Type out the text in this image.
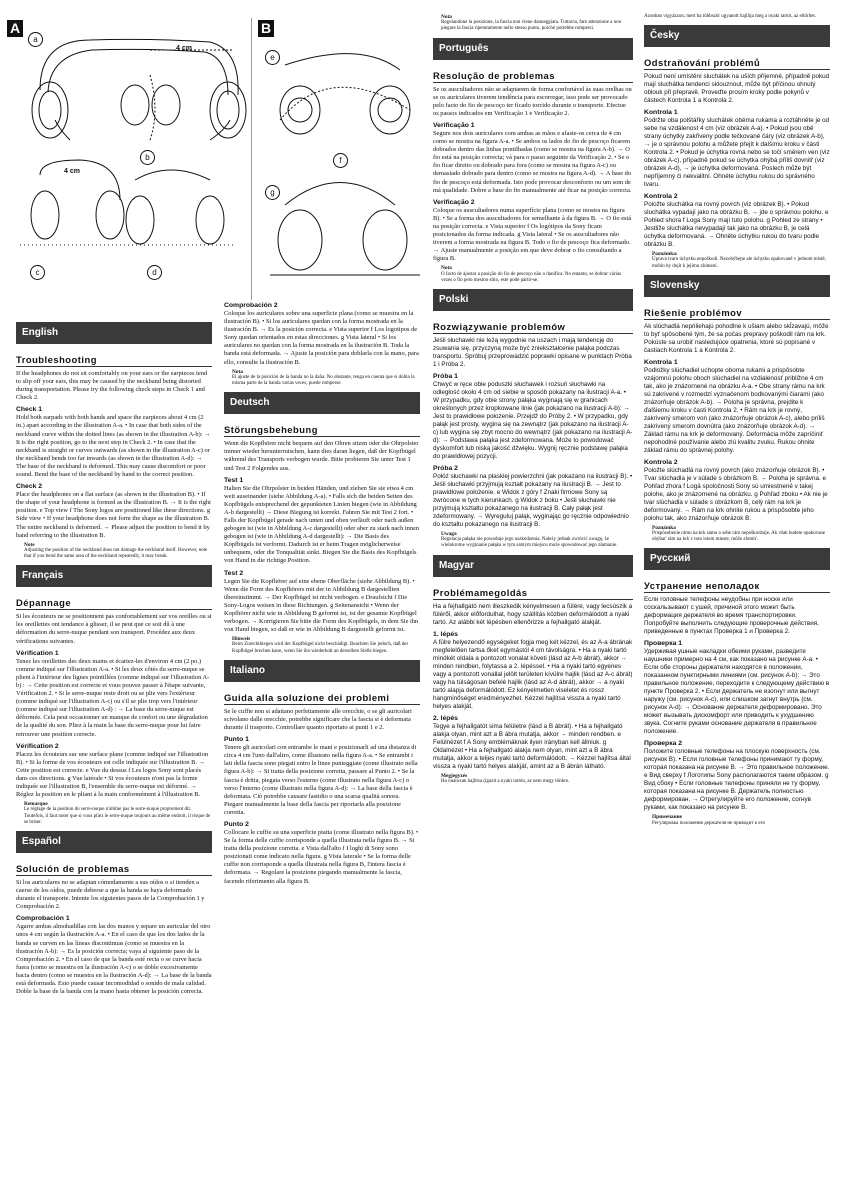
A	B
4 cm
4 cm
a
b
c	d
e
f
g
English
Troubleshooting
If the headphones do not sit comfortably on your ears or the earpieces tend to slip off your ears, this may be caused by the neckband being distorted during transportation. Please try the following check steps in Check 1 and Check 2.
Check 1
Hold both earpads with both hands and space the earpieces about 4 cm (2 in.) apart according to the illustration A-a. • In case that both sides of the neckband curve within the dotted lines (as shown in the illustration A-b): → It is the right position, go to the next step in Check 2. • In case that the neckband is straight or curves outwards (as shown in the illustration A-c) or the neckband bends too far inwards (as shown in the illustration A-d): → The base of the neckband is deformed. This may cause discomfort or poor sound. Bend the base of the neckband by hand to the correct position.
Check 2
Place the headphones on a flat surface (as shown in the illustration B). • If the shape of your headphone is formed as the illustration B. → It is the right position. e Top view f The Sony logos are positioned like these directions. g Side view • If your headphone does not form the shape as the illustration B. The entire neckband is deformed. → Please adjust the position to bend it by hand referring to the illustration B.
Note
Adjusting the position of the neckband does not damage the neckband itself. However, note that if you bend the same area of the neckband repeatedly, it may break.
Français
Dépannage
Si les écouteurs ne se positionnent pas confortablement sur vos oreilles ou si les oreillettes ont tendance à glisser, il se peut que ce soit dû à une déformation du serre-nuque pendant son transport. Procédez aux deux vérifications suivantes.
Vérification 1
Tenez les oreillettes des deux mains et écartez-les d'environ 4 cm (2 po.) comme indiqué sur l'illustration A-a. • Si les deux côtés du serre-nuque se plient à l'intérieur des lignes pointillées (comme indiqué sur l'illustration A-b) : → Cette position est correcte et vous pouvez passer à l'étape suivante, Vérification 2. • Si le serre-nuque reste droit ou se plie vers l'extérieur (comme indiqué sur l'illustration A-c) ou s'il se plie trop vers l'intérieur (comme indiqué sur l'illustration A-d) : → La base du serre-nuque est déformée. Cela peut occasionner un manque de confort ou une dégradation de la qualité du son. Pliez à la main la base du serre-nuque pour lui faire retrouver une position correcte.
Vérification 2
Placez les écouteurs sur une surface plane (comme indiqué sur l'illustration B). • Si la forme de vos écouteurs est celle indiquée sur l'illustration B. → Cette position est correcte. e Vue du dessus f Les logos Sony sont placés dans ces directions. g Vue latérale • Si vos écouteurs n'ont pas la forme indiquée sur l'illustration B, l'ensemble du serre-nuque est déformé. → Réglez la position en le pliant à la main conformément à l'illustration B.
Remarque
Le réglage de la position du serre-nuque n'abîme pas le serre-nuque proprement dit. Toutefois, il faut noter que si vous pliez le serre-nuque toujours au même endroit, il risque de se briser.
Español
Solución de problemas
Si los auriculares no se adaptan cómodamente a sus oídos o si tienden a caerse de los oídos, puede deberse a que la banda se haya deformado durante el transporte. Intente los siguientes pasos de la Comprobación 1 y Comprobación 2.
Comprobación 1
Agarre ambas almohadillas con las dos manos y separe un auricular del otro unos 4 cm según la ilustración A-a. • En el caso de que los dos lados de la banda se curven en las líneas discontinuas (como se muestra en la ilustración A-b): → Es la posición correcta; vaya al siguiente paso de la Comprobación 2. • En el caso de que la banda esté recta o se curve hacia fuera (como se muestra en la ilustración A-c) o se doble excesivamente hacia dentro (como se muestra en la ilustración A-d): → La base de la banda está deformada. Esto puede causar incomodidad o sonido de mala calidad. Doble la base de la banda con la mano hasta obtener la posición correcta.
Comprobación 2
Coloque los auriculares sobre una superficie plana (como se muestra en la ilustración B). • Si los auriculares quedan con la forma mostrada en la ilustración B. → Es la posición correcta. e Vista superior f Los logotipos de Sony quedan orientados en estas direcciones. g Vista lateral • Si los auriculares no quedan con la forma mostrada en la ilustración B. Toda la banda está deformada. → Ajuste la posición para doblarla con la mano, para ello, consulte la ilustración B.
Nota
El ajuste de la posición de la banda no la daña. No obstante, tenga en cuenta que si dobla la misma parte de la banda varias veces, puede romperse.
Deutsch
Störungsbehebung
Wenn die Kopfhörer nicht bequem auf den Ohren sitzen oder die Ohrpolster immer wieder herunterrutschen, kann dies daran liegen, daß der Kopfbügel während des Transports verbogen wurde. Bitte probieren Sie unter Test 1 und Test 2 Folgendes aus.
Test 1
Halten Sie die Ohrpolster in beiden Händen, und ziehen Sie sie etwa 4 cm weit auseinander (siehe Abbildung A-a). • Falls sich die beiden Seiten des Kopfbügels entsprechend der gepunkteten Linien biegen (wie in Abbildung A-b dargestellt) → Diese Biegung ist korrekt. Fahren Sie mit Test 2 fort. • Falls der Kopfbügel gerade nach unten und oben verläuft oder nach außen gebogen ist (wie in Abbildung A-c dargestellt) oder aber zu stark nach innen gebogen ist (wie in Abbildung A-d dargestellt): → Die Basis des Kopfbügels ist verformt. Dadurch ist er beim Tragen möglicherweise unbequem, oder die Tonqualität sinkt. Biegen Sie die Basis des Kopfbügels von Hand in die richtige Position.
Test 2
Legen Sie die Kopfhörer auf eine ebene Oberfläche (siehe Abbildung B). • Wenn die Form des Kopfhörers mit der in Abbildung B dargestellten übereinstimmt. → Der Kopfbügel ist nicht verbogen. e Draufsicht f Die Sony-Logos weisen in diese Richtungen. g Seitenansicht • Wenn der Kopfhörer nicht wie in Abbildung B geformt ist, ist der gesamte Kopfbügel verbogen. → Korrigieren Sie bitte die Form des Kopfbügels, in dem Sie ihn von Hand biegen, so daß er wie in Abbildung B dargestellt geformt ist.
Hinweis
Beim Zurechtbiegen wird der Kopfbügel nicht beschädigt. Beachten Sie jedoch, daß der Kopfbügel brechen kann, wenn Sie ihn wiederholt an derselben Stelle biegen.
Italiano
Guida alla soluzione dei problemi
Se le cuffie non si adattano perfettamente alle orecchie, o se gli auricolari scivolano dalle orecchie, potrebbe significare che la fascia si è deformata durante il trasporto. Controllare quanto riportato ai punti 1 e 2.
Punto 1
Tenere gli auricolari con entrambe le mani e posizionarli ad una distanza di circa 4 cm l'uno dall'altro, come illustrato nella figura A-a. • Se entrambi i lati della fascia sono piegati entro le linee punteggiate (come illustrato nella figura A-b): → Si tratta della posizione corretta, passare al Punto 2. • Se la fascia è dritta, piegata verso l'esterno (come illustrato nella figura A-c) o verso l'interno (come illustrato nella figura A-d): → La base della fascia è deformata. Ciò potrebbe causare fastidio o una scarsa qualità sonora. Piegare manualmente la base della fascia per riportarla alla posizione corretta.
Punto 2
Collocare le cuffie su una superficie piatta (come illustrato nella figura B). • Se la forma delle cuffie corrisponde a quella illustrata nella figura B. → Si tratta della posizione corretta. e Vista dall'alto f I loghi di Sony sono posizionati come indicato nella figura. g Vista laterale • Se la forma delle cuffie non corrisponde a quella illustrata nella figura B, l'intera fascia è deformata. → Regolare la posizione piegando manualmente la fascia, facendo riferimento alla figura B.
Nota
Regolandone la posizione, la fascia non viene danneggiata. Tuttavia, fare attenzione a non piegare la fascia ripetutamente nello stesso punto, poiché potrebbe rompersi.
Português
Resolução de problemas
Se os auscultadores não se adaptarem de forma confortável às suas orelhas ou se os auriculares tiverem tendência para escorregar, isso pode ser provocado pelo facto do fio de pescoço ter ficado torcido durante o transporte. Efectue os passos indicados em Verificação 1 e Verificação 2.
Verificação 1
Segure nos dois auriculares com ambas as mãos e afaste-os cerca de 4 cm como se mostra na figura A-a. • Se ambos os lados do fio de pescoço ficarem dobrados dentro das linhas pontilhadas (como se mostra na figura A-b). → O fio está na posição correcta; vá para o passo seguinte da Verificação 2. • Se o fio ficar direito ou dobrado para fora (como se mostra na figura A-c) ou demasiado dobrado para dentro (como se mostra na figura A-d). → A base do fio de pescoço está deformada. Isto pode provocar desconforto ou um som de má qualidade. Dobre a base do fio manualmente até ficar na posição correcta.
Verificação 2
Coloque os auscultadores numa superfície plana (como se mostra na figura B). • Se a forma dos auscultadores for semelhante à da figura B. → O fio está na posição correcta. e Vista superior f Os logótipos da Sony ficam posicionados da forma indicada. g Vista lateral • Se os auscultadores não tiverem a forma mostrada na figura B. Todo o fio de pescoço fica deformado. → Ajuste manualmente a posição em que deve dobrar o fio consultando a figura B.
Nota
O facto de ajustar a posição do fio de pescoço não o danifica. No entanto, se dobrar várias vezes o fio pelo mesmo sítio, este pode partir-se.
Polski
Rozwiązywanie problemów
Jeśli słuchawki nie leżą wygodnie na uszach i mają tendencję do zsuwania się, przyczyną może być zniekształcenie pałąka podczas transportu. Spróbuj przeprowadzić poprawki opisane w punktach Próba 1 i Próba 2.
Próba 1
Chwyć w ręce obie poduszki słuchawek i rozsuń słuchawki na odległość około 4 cm od siebie w sposób pokazany na ilustracji A-a. • W przypadku, gdy obie strony pałąka wyginają się w granicach określonych przez kropkowane linie (jak pokazano na ilustracji A-b): → Jest to prawidłowe położenie. Przejdź do Próby 2. • W przypadku, gdy pałąk jest prosty, wygina się na zewnątrz (jak pokazano na ilustracji A-c) lub wygina się zbyt mocno do wewnątrz (jak pokazano na ilustracji A-d): → Podstawa pałąka jest zdeformowana. Może to powodować dyskomfort lub niską jakość dźwięku. Wygnij ręcznie podstawę pałąka do prawidłowej pozycji.
Próba 2
Połóż słuchawki na płaskiej powierzchni (jak pokazano na ilustracji B). • Jeśli słuchawki przyjmują kształt pokazany na ilustracji B. → Jest to prawidłowe położenie. e Widok z góry f Znaki firmowe Sony są zwrócone w tych kierunkach. g Widok z boku • Jeśli słuchawki nie przyjmują kształtu pokazanego na ilustracji B. Cały pałąk jest zdeformowany. → Wyreguluj pałąk, wyginając go ręcznie odpowiednio do kształtu pokazanego na ilustracji B.
Uwaga
Regulacja pałąka nie powoduje jego uszkodzenia. Należy jednak zwrócić uwagę, że wielokrotne wyginanie pałąka w tym samym miejscu może spowodować jego złamanie.
Magyar
Problémamegoldás
Ha a fejhallgató nem illeszkedik kényelmesen a fülére, vagy lecsúszik a füléről, akkor előfordulhat, hogy szállítás közben deformálódott a nyaki tartó. Az alábbi két lépésben ellenőrizze a fejhallgató alakját.
1. lépés
A fülre helyezendő egységeket fogja meg két kézzel, és az A-a ábrának megfelelően tartsa őket egymástól 4 cm távolságra. • Ha a nyaki tartó mindkét oldala a pontozott vonalat követi (lásd az A-b ábrát), akkor → minden rendben, folytassa a 2. lépéssel. • Ha a nyaki tartó egyenes vagy a pontozott vonallal jelölt területen kívülre hajlik (lásd az A-c ábrát) vagy ha túlságosan befelé hajlik (lásd az A-d ábrát), akkor → a nyaki tartó alapja deformálódott. Ez kényelmetlen viseletet és rossz hangminőséget eredményezhet. Kézzel hajlítsa vissza a nyaki tartó helyes alakját.
2. lépés
Tegye a fejhallgatót sima felületre (lásd a B ábrát). • Ha a fejhallgató alakja olyan, mint azt a B ábra mutatja, akkor → minden rendben. e Felülnézet f A Sony emblémáknak ilyen irányban kell állniuk. g Oldalnézet • Ha a fejhallgató alakja nem olyan, mint azt a B ábra mutatja, akkor a teljes nyaki tartó deformálódott. → Kézzel hajlítsa által vissza a nyaki tartó helyes alakját, amint az a B ábrán látható.
Megjegyzés
Ha önaloxan hajlítsa (igazít a nyaki tartón, az nem megy tönkre.
Azonban vigyázzon, mert ha többször ugyanott hajlítja meg a nyaki tartót, az eltörhet.
Česky
Odstraňování problémů
Pokud není umístění sluchátek na uších příjemné, případně pokud mají sluchátka tendenci sklouznout, může být příčinou ohnutý oblouk při přepravě. Proveďte prosím kroky podle pokynů v částech Kontrola 1 a Kontrola 2.
Kontrola 1
Podržte oba polštářky sluchátek oběma rukama a roztáhněte je od sebe na vzdálenost 4 cm (viz obrázek A-a). • Pokud jsou obě strany úchytky zakřiveny podle tečkované čáry (viz obrázek A-b), → je o správnou polohu a můžete přejít k dalšímu kroku v části Kontrola 2. • Pokud je úchytka rovná nebo se točí směrem ven (viz obrázek A-c), případně pokud se úchytka ohýbá příliš dovnitř (viz obrázek A-d), → je úchytka deformovaná. Poslech může být nepříjemný či nekvalitní. Ohněte úchytku rukou do správného tvaru.
Kontrola 2
Položte sluchátka na rovný povrch (viz obrázek B). • Pokud sluchátka vypadají jako na obrázku B, → jde o správnou polohu. e Pohled shora f Loga Sony mají tuto polohu. g Pohled ze strany • Jestliže sluchátka nevypadají tak jako na obrázku B, je celá úchytka deformovaná. → Ohněte úchytku rukou do tvaru podle obrázku B.
Poznámka:
Úprava tvaru úchytku nepoškodí. Nezohýbejte ale úchytku opakovaně v jednom místě, mohlo by dojít k jejímu zlomení.
Slovensky
Riešenie problémov
Ak slúchadlá nepriliehajú pohodlne k ušiam alebo skĺzavajú, môže to byť spôsobené tým, že sa počas prepravy poškodil rám na krk. Pokúste sa urobiť nasledujúce opatrenia, ktoré sú popísané v častiach Kontrola 1 a Kontrola 2.
Kontrola 1
Podložky slúchadiel uchopte oboma rukami a prispôsobte vzájomnú polohu oboch slúchadiel na vzdialenosť približne 4 cm tak, ako je znázornené na obrázku A-a. • Obe strany rámu na krk sú zakrivené v rozmedzí vyznačenom bodkovanými čiarami (ako znázorňuje obrázok A-b). → Poloha je správna, prejdite k ďalšiemu kroku v časti Kontrola 2. • Rám na krk je rovný, zakrivený smerom von (ako znázorňuje obrázok A-c), alebo príliš zakrivený smerom dovnútra (ako znázorňuje obrázok A-d). → Základ rámu na krk je deformovaný. Deformácia môže zapríčiniť nepohodlné používanie alebo zlú kvalitu zvuku. Rukou ohnite základ rámu do správnej polohy.
Kontrola 2
Položte slúchadlá na rovný povrch (ako znázorňuje obrázok B). • Tvar slúchadla je v súlade s obrázkom B. → Poloha je správna. e Pohľad zhora f Logá spoločnosti Sony sú umiestnené v takej polohe, ako je znázornené na obrázku. g Pohľad zboku • Ak nie je tvar slúchadla v súlade s obrázkom B, celý rám na krk je deformovaný. → Rám na krk ohnite rukou a prispôsobte jeho polohu tak, ako znázorňuje obrázok B.
Poznámka
Prispôsobenie rámu na krk samo o sebe rám nepoškodzuje. Ak však budete opakovane ohýbať rám na krk v tom istom mieste, môže zlomiť.
Русский
Устранение неполадок
Если головные телефоны неудобны при носке или соскальзывают с ушей, причиной этого может быть деформация держателя во время транспортировки. Попробуйте выполнить следующие проверочные действия, приведенные в пунктах Проверка 1 и Проверка 2.
Проверка 1
Удерживая ушные накладки обеими руками, разведите наушники примерно на 4 см, как показано на рисунке A-a. • Если обе стороны держателя находятся в положении, показанном пунктирными линиями (см. рисунок A-b): → Это правильное положение, переходите к следующему действию в пункте Проверка 2. • Если держатель не изогнут или выгнут наружу (см. рисунок A-c), или слишком загнут внутрь (см. рисунок A-d): → Основание держателя деформировано. Это может вызывать дискомфорт или приводить к ухудшению звука. Согните руками основание держателя в правильное положение.
Проверка 2
Положите головные телефоны на плоскую поверхность (см. рисунок B). • Если головные телефоны принимают ту форму, которая показана на рисунке B. → Это правильное положение. e Вид сверху f Логотипы Sony располагаются таким образом. g Вид сбоку • Если головные телефоны приняли не ту форму, которая показана на рисунке B. Держатель полностью деформирован. → Отрегулируйте его положение, согнув руками, как показано на рисунке B.
Примечание
Регулировка положения держателя не приводит к его
